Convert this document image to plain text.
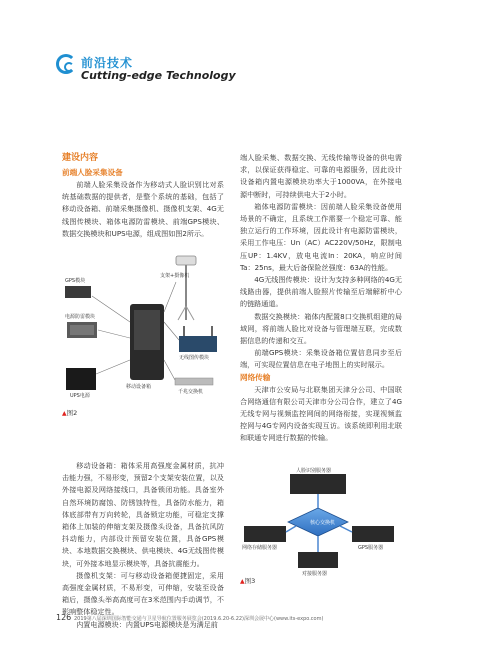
前沿技术
Cutting-edge Technology
建设内容
前端人脸采集设备

前端人脸采集设备作为移动式人脸识别比对系统基础数据的提供者，是整个系统的基础，包括了移动设备箱、前端采集摄像机、摄像机支架、4G无线图传模块、箱体电源防雷模块、前端GPS模块、数据交换模块和UPS电源，组成图如图2所示。

支架+摄像机
GPS模块
电源防雷模块
无线图传模块
移动设备箱
UPS电源
千兆交换机
▲图2

移动设备箱：箱体采用高强度金属材质，抗冲击能力强，不易形变，预留2个支架安装位置，以及外接电源及网络接线口，具备锁闭功能。具备室外自然环境防腐蚀、防锈蚀特性，具备防水能力，箱体底部带有万向转轮，具备锁定功能，可稳定支撑箱体上加装的伸缩支架及摄像头设备，具备抗风防抖动能力，内部设计预留安装位置，具备GPS模块、本地数据交换模块、供电模块、4G无线图传模块，可外接本地显示模块等，具备抗震能力。

摄像机支架：可与移动设备箱便捷固定，采用高强度金属材质，不易形变，可伸缩，安装至设备箱后，摄像头举高高度可在3米范围内手动调节，不影响整体稳定性。

内置电源模块：内置UPS电源模块是为满足前

端人脸采集、数据交换、无线传输等设备的供电需求，以保证获得稳定、可靠的电源服务，因此设计设备箱内置电源模块功率大于1000VA，在外接电源中断时，可持续供电大于2小时。

箱体电源防雷模块：因前端人脸采集设备使用场景的不确定，且系统工作需要一个稳定可靠、能独立运行的工作环境，因此设计有电源防雷模块，采用工作电压：Un（AC）AC220V/50Hz，限制电压UP：1.4KV，放电电流In：20KA，响应时间Ta：25ns，最大后备保险丝强度：63A的性能。

4G无线图传模块：设计为支持多种网络的4G无线路由器，提供前端人脸照片传输至后端解析中心的链路通道。

数据交换模块：箱体内配置8口交换机组建的局域网，将前端人脸比对设备与管理端互联，完成数据信息的传递和交互。

前端GPS模块：采集设备箱位置信息同步至后端，可实现位置信息在电子地图上的实时展示。

网络传输

天津市公安局与北联集团天津分公司、中国联合网络通信有限公司天津市分公司合作，建立了4G无线专网与视频监控网间的网络衔接，实现视频监控网与4G专网内设备实现互访。该系统即利用北联和联通专网进行数据的传输。

人脸识别服务器
网络存储服务器
核心交换机
GPS服务器
对接服务器
▲图3
126 2019第八届深圳国际智能交通与卫星导航位置服务展览会(2019.6.20-6.22)深圳会展中心(www.its-expo.com)
